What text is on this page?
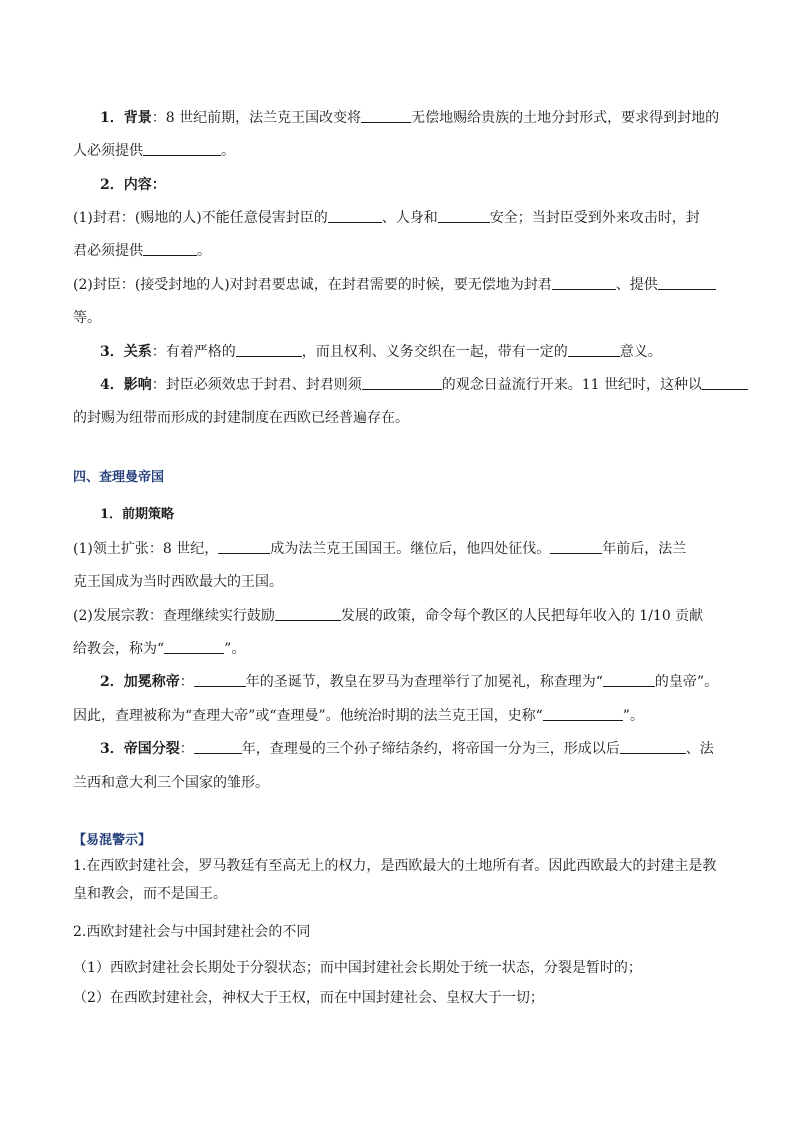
1．背景：8 世纪前期，法兰克王国改变将	无偿地赐给贵族的土地分封形式，要求得到封地的
人必须提供	。
2．内容：
(1)封君：(赐地的人)不能任意侵害封臣的	、人身和	安全；当封臣受到外来攻击时，封
君必须提供	。
(2)封臣：(接受封地的人)对封君要忠诚，在封君需要的时候，要无偿地为封君	、提供
等。
3．关系：有着严格的	，而且权利、义务交织在一起，带有一定的	意义。
4．影响：封臣必须效忠于封君、封君则须	的观念日益流行开来。11 世纪时，这种以
的封赐为纽带而形成的封建制度在西欧已经普遍存在。
四、查理曼帝国
1．前期策略
(1)领土扩张：8 世纪，	成为法兰克王国国王。继位后，他四处征伐。	年前后，法兰
克王国成为当时西欧最大的王国。
(2)发展宗教：查理继续实行鼓励	发展的政策，命令每个教区的人民把每年收入的 1/10 贡献
给教会，称为“	”。
2．加冕称帝：	年的圣诞节，教皇在罗马为查理举行了加冕礼，称查理为“	的皇帝”。
因此，查理被称为“查理大帝”或“查理曼”。他统治时期的法兰克王国，史称“	”。
3．帝国分裂：	年，查理曼的三个孙子缔结条约，将帝国一分为三，形成以后	、法
兰西和意大利三个国家的雏形。
【易混警示】
1.在西欧封建社会，罗马教廷有至高无上的权力，是西欧最大的土地所有者。因此西欧最大的封建主是教
皇和教会，而不是国王。
2.西欧封建社会与中国封建社会的不同
（1）西欧封建社会长期处于分裂状态；而中国封建社会长期处于统一状态，分裂是暂时的；
（2）在西欧封建社会，神权大于王权，而在中国封建社会、皇权大于一切；
